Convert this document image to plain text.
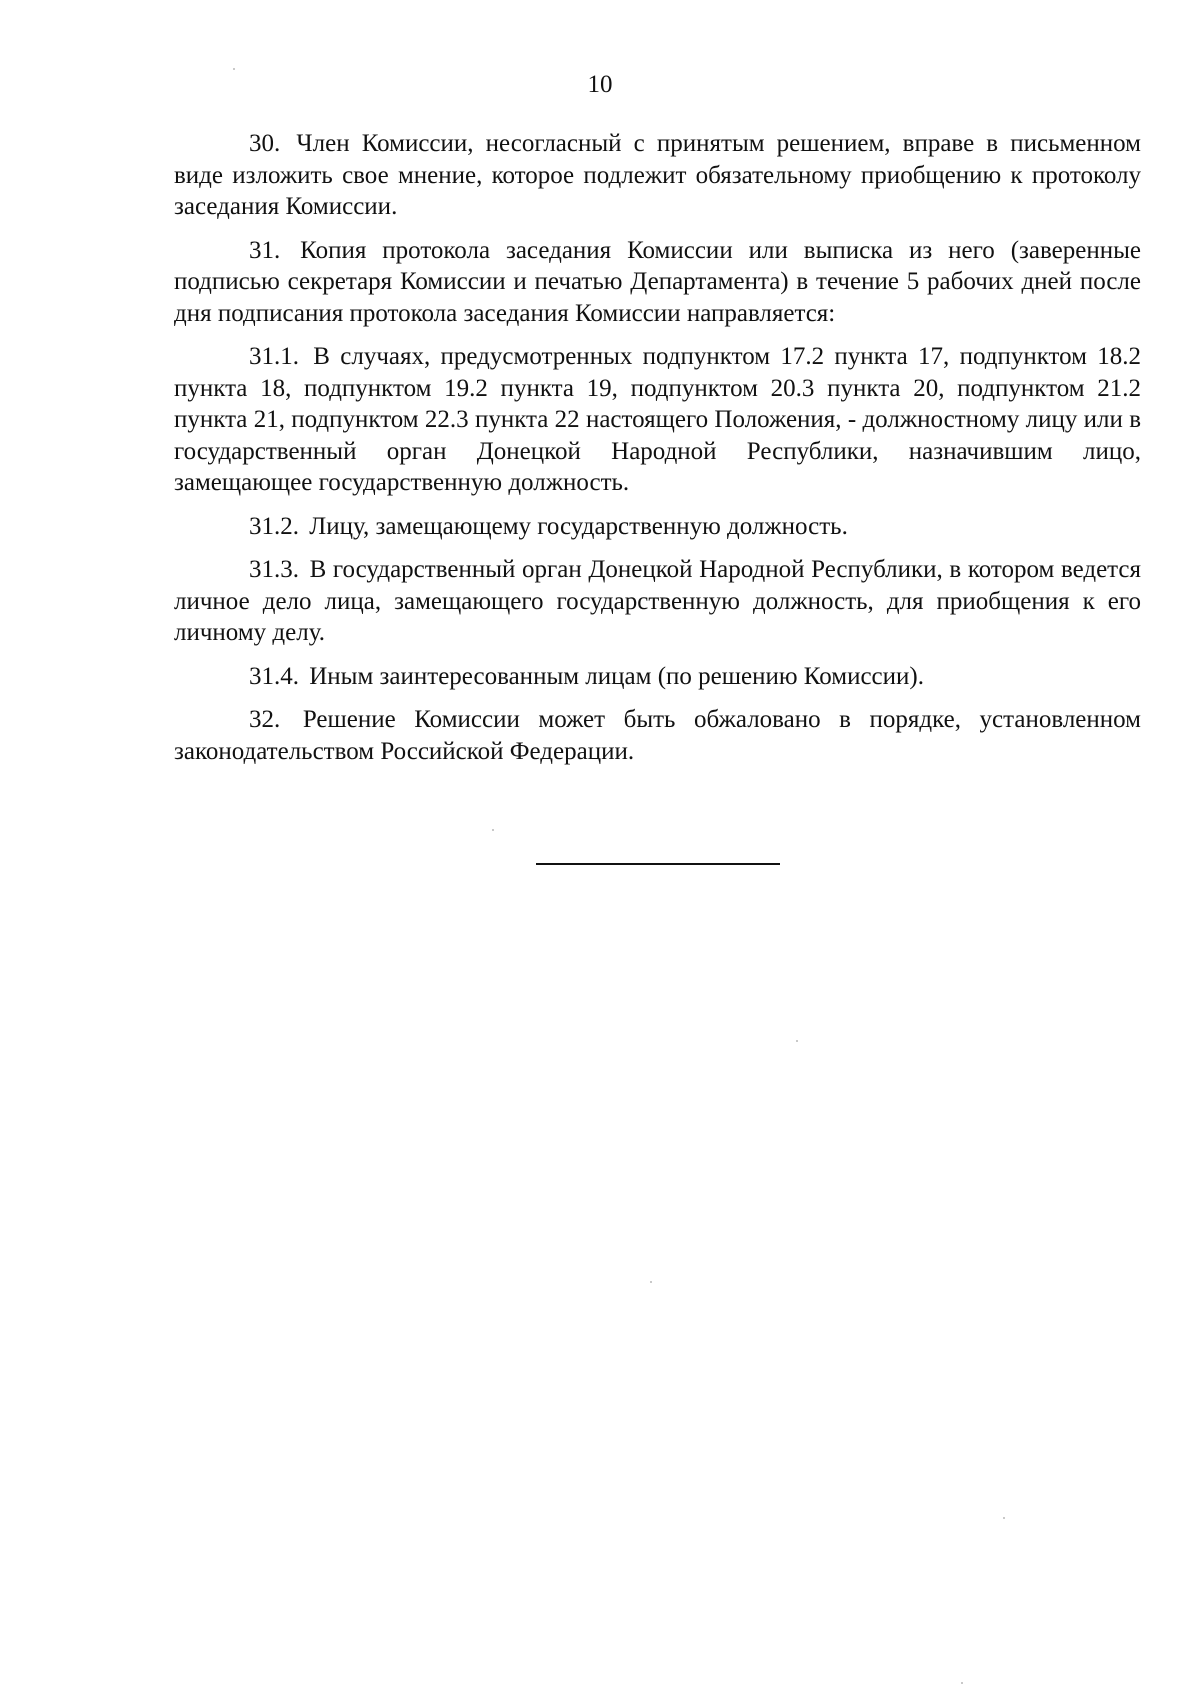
10

30. Член Комиссии, несогласный с принятым решением, вправе в письменном виде изложить свое мнение, которое подлежит обязательному приобщению к протоколу заседания Комиссии.

31. Копия протокола заседания Комиссии или выписка из него (заверенные подписью секретаря Комиссии и печатью Департамента) в течение 5 рабочих дней после дня подписания протокола заседания Комиссии направляется:

31.1. В случаях, предусмотренных подпунктом 17.2 пункта 17, подпунктом 18.2 пункта 18, подпунктом 19.2 пункта 19, подпунктом 20.3 пункта 20, подпунктом 21.2 пункта 21, подпунктом 22.3 пункта 22 настоящего Положения, - должностному лицу или в государственный орган Донецкой Народной Республики, назначившим лицо, замещающее государственную должность.

31.2. Лицу, замещающему государственную должность.

31.3. В государственный орган Донецкой Народной Республики, в котором ведется личное дело лица, замещающего государственную должность, для приобщения к его личному делу.

31.4. Иным заинтересованным лицам (по решению Комиссии).

32. Решение Комиссии может быть обжаловано в порядке, установленном законодательством Российской Федерации.
